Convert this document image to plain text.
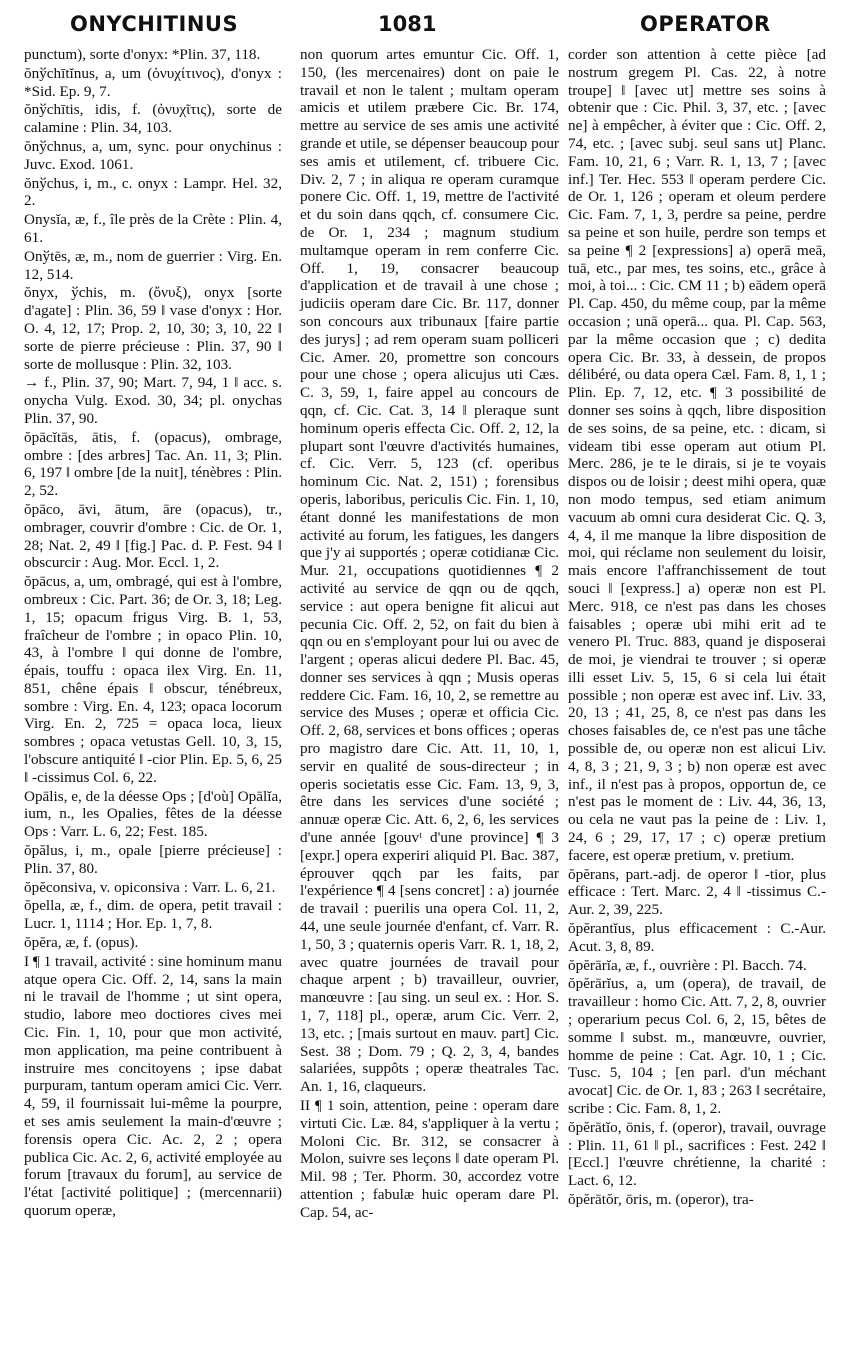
ONYCHITINUS	1081	OPERATOR

punctum), sorte d'onyx: *Plin. 37, 118.

ŏnўchītĭnus, a, um (ὀνυχίτινος), d'onyx : *Sid. Ep. 9, 7.

ŏnўchītis, idis, f. (ὀνυχῖτις), sorte de calamine : Plin. 34, 103.

ŏnўchnus, a, um, sync. pour onychinus : Juvc. Exod. 1061.

ŏnўchus, i, m., c. onyx : Lampr. Hel. 32, 2.

Onysĭa, æ, f., île près de la Crète : Plin. 4, 61.

Onўtēs, æ, m., nom de guerrier : Virg. En. 12, 514.

ŏnyx, ўchis, m. (ὄνυξ), onyx [sorte d'agate] : Plin. 36, 59 ‖ vase d'onyx : Hor. O. 4, 12, 17; Prop. 2, 10, 30; 3, 10, 22 ‖ sorte de pierre précieuse : Plin. 37, 90 ‖ sorte de mollusque : Plin. 32, 103.

→ f., Plin. 37, 90; Mart. 7, 94, 1 ‖ acc. s. onycha Vulg. Exod. 30, 34; pl. onychas Plin. 37, 90.

ŏpācĭtās, ātis, f. (opacus), ombrage, ombre : [des arbres] Tac. An. 11, 3; Plin. 6, 197 ‖ ombre [de la nuit], ténèbres : Plin. 2, 52.

ŏpāco, āvi, ātum, āre (opacus), tr., ombrager, couvrir d'ombre : Cic. de Or. 1, 28; Nat. 2, 49 ‖ [fig.] Pac. d. P. Fest. 94 ‖ obscurcir : Aug. Mor. Eccl. 1, 2.

ŏpācus, a, um, ombragé, qui est à l'ombre, ombreux : Cic. Part. 36; de Or. 3, 18; Leg. 1, 15; opacum frigus Virg. B. 1, 53, fraîcheur de l'ombre ; in opaco Plin. 10, 43, à l'ombre ‖ qui donne de l'ombre, épais, touffu : opaca ilex Virg. En. 11, 851, chêne épais ‖ obscur, ténébreux, sombre : Virg. En. 4, 123; opaca locorum Virg. En. 2, 725 = opaca loca, lieux sombres ; opaca vetustas Gell. 10, 3, 15, l'obscure antiquité ‖ -cior Plin. Ep. 5, 6, 25 ‖ -cissimus Col. 6, 22.

Opālis, e, de la déesse Ops ; [d'où] Opālĭa, ium, n., les Opalies, fêtes de la déesse Ops : Varr. L. 6, 22; Fest. 185.

ŏpălus, i, m., opale [pierre précieuse] : Plin. 37, 80.

ŏpĕconsiva, v. opiconsiva : Varr. L. 6, 21.

ŏpella, æ, f., dim. de opera, petit travail : Lucr. 1, 1114 ; Hor. Ep. 1, 7, 8.

ŏpĕra, æ, f. (opus).

I ¶ 1 travail, activité : sine hominum manu atque opera Cic. Off. 2, 14, sans la main ni le travail de l'homme ; ut sint opera, studio, labore meo doctiores cives mei Cic. Fin. 1, 10, pour que mon activité, mon application, ma peine contribuent à instruire mes concitoyens ; ipse dabat purpuram, tantum operam amici Cic. Verr. 4, 59, il fournissait lui-même la pourpre, et ses amis seulement la main-d'œuvre ; forensis opera Cic. Ac. 2, 2 ; opera publica Cic. Ac. 2, 6, activité employée au forum [travaux du forum], au service de l'état [activité politique] ; (mercennarii) quorum operæ,

non quorum artes emuntur Cic. Off. 1, 150, (les mercenaires) dont on paie le travail et non le talent ; multam operam amicis et utilem præbere Cic. Br. 174, mettre au service de ses amis une activité grande et utile, se dépenser beaucoup pour ses amis et utilement, cf. tribuere Cic. Div. 2, 7 ; in aliqua re operam curamque ponere Cic. Off. 1, 19, mettre de l'activité et du soin dans qqch, cf. consumere Cic. de Or. 1, 234 ; magnum studium multamque operam in rem conferre Cic. Off. 1, 19, consacrer beaucoup d'application et de travail à une chose ; judiciis operam dare Cic. Br. 117, donner son concours aux tribunaux [faire partie des jurys] ; ad rem operam suam polliceri Cic. Amer. 20, promettre son concours pour une chose ; opera alicujus uti Cæs. C. 3, 59, 1, faire appel au concours de qqn, cf. Cic. Cat. 3, 14 ‖ pleraque sunt hominum operis effecta Cic. Off. 2, 12, la plupart sont l'œuvre d'activités humaines, cf. Cic. Verr. 5, 123 (cf. operibus hominum Cic. Nat. 2, 151) ; forensibus operis, laboribus, periculis Cic. Fin. 1, 10, étant donné les manifestations de mon activité au forum, les fatigues, les dangers que j'y ai supportés ; operæ cotidianæ Cic. Mur. 21, occupations quotidiennes ¶ 2 activité au service de qqn ou de qqch, service : aut opera benigne fit alicui aut pecunia Cic. Off. 2, 52, on fait du bien à qqn ou en s'employant pour lui ou avec de l'argent ; operas alicui dedere Pl. Bac. 45, donner ses services à qqn ; Musis operas reddere Cic. Fam. 16, 10, 2, se remettre au service des Muses ; operæ et officia Cic. Off. 2, 68, services et bons offices ; operas pro magistro dare Cic. Att. 11, 10, 1, servir en qualité de sous-directeur ; in operis societatis esse Cic. Fam. 13, 9, 3, être dans les services d'une société ; annuæ operæ Cic. Att. 6, 2, 6, les services d'une année [gouvᵗ d'une province] ¶ 3 [expr.] opera experiri aliquid Pl. Bac. 387, éprouver qqch par les faits, par l'expérience ¶ 4 [sens concret] : a) journée de travail : puerilis una opera Col. 11, 2, 44, une seule journée d'enfant, cf. Varr. R. 1, 50, 3 ; quaternis operis Varr. R. 1, 18, 2, avec quatre journées de travail pour chaque arpent ; b) travailleur, ouvrier, manœuvre : [au sing. un seul ex. : Hor. S. 1, 7, 118] pl., operæ, arum Cic. Verr. 2, 13, etc. ; [mais surtout en mauv. part] Cic. Sest. 38 ; Dom. 79 ; Q. 2, 3, 4, bandes salariées, suppôts ; operæ theatrales Tac. An. 1, 16, claqueurs.

II ¶ 1 soin, attention, peine : operam dare virtuti Cic. Læ. 84, s'appliquer à la vertu ; Moloni Cic. Br. 312, se consacrer à Molon, suivre ses leçons ‖ date operam Pl. Mil. 98 ; Ter. Phorm. 30, accordez votre attention ; fabulæ huic operam dare Pl. Cap. 54, ac-

corder son attention à cette pièce [ad nostrum gregem Pl. Cas. 22, à notre troupe] ‖ [avec ut] mettre ses soins à obtenir que : Cic. Phil. 3, 37, etc. ; [avec ne] à empêcher, à éviter que : Cic. Off. 2, 74, etc. ; [avec subj. seul sans ut] Planc. Fam. 10, 21, 6 ; Varr. R. 1, 13, 7 ; [avec inf.] Ter. Hec. 553 ‖ operam perdere Cic. de Or. 1, 126 ; operam et oleum perdere Cic. Fam. 7, 1, 3, perdre sa peine, perdre sa peine et son huile, perdre son temps et sa peine ¶ 2 [expressions] a) operā meā, tuā, etc., par mes, tes soins, etc., grâce à moi, à toi... : Cic. CM 11 ; b) eādem operā Pl. Cap. 450, du même coup, par la même occasion ; unā operā... qua. Pl. Cap. 563, par la même occasion que ; c) dedita opera Cic. Br. 33, à dessein, de propos délibéré, ou data opera Cæl. Fam. 8, 1, 1 ; Plin. Ep. 7, 12, etc. ¶ 3 possibilité de donner ses soins à qqch, libre disposition de ses soins, de sa peine, etc. : dicam, si videam tibi esse operam aut otium Pl. Merc. 286, je te le dirais, si je te voyais dispos ou de loisir ; deest mihi opera, quæ non modo tempus, sed etiam animum vacuum ab omni cura desiderat Cic. Q. 3, 4, 4, il me manque la libre disposition de moi, qui réclame non seulement du loisir, mais encore l'affranchissement de tout souci ‖ [express.] a) operæ non est Pl. Merc. 918, ce n'est pas dans les choses faisables ; operæ ubi mihi erit ad te venero Pl. Truc. 883, quand je disposerai de moi, je viendrai te trouver ; si operæ illi esset Liv. 5, 15, 6 si cela lui était possible ; non operæ est avec inf. Liv. 33, 20, 13 ; 41, 25, 8, ce n'est pas dans les choses faisables de, ce n'est pas une tâche possible de, ou operæ non est alicui Liv. 4, 8, 3 ; 21, 9, 3 ; b) non operæ est avec inf., il n'est pas à propos, opportun de, ce n'est pas le moment de : Liv. 44, 36, 13, ou cela ne vaut pas la peine de : Liv. 1, 24, 6 ; 29, 17, 17 ; c) operæ pretium facere, est operæ pretium, v. pretium.

ŏpĕrans, part.-adj. de operor ‖ -tior, plus efficace : Tert. Marc. 2, 4 ‖ -tissimus C.-Aur. 2, 39, 225.

ŏpĕrantĭus, plus efficacement : C.-Aur. Acut. 3, 8, 89.

ŏpĕrārĭa, æ, f., ouvrière : Pl. Bacch. 74.

ŏpĕrārĭus, a, um (opera), de travail, de travailleur : homo Cic. Att. 7, 2, 8, ouvrier ; operarium pecus Col. 6, 2, 15, bêtes de somme ‖ subst. m., manœuvre, ouvrier, homme de peine : Cat. Agr. 10, 1 ; Cic. Tusc. 5, 104 ; [en parl. d'un méchant avocat] Cic. de Or. 1, 83 ; 263 ‖ secrétaire, scribe : Cic. Fam. 8, 1, 2.

ŏpĕrātĭo, ōnis, f. (operor), travail, ouvrage : Plin. 11, 61 ‖ pl., sacrifices : Fest. 242 ‖ [Eccl.] l'œuvre chrétienne, la charité : Lact. 6, 12.

ŏpĕrātŏr, ōris, m. (operor), tra-
